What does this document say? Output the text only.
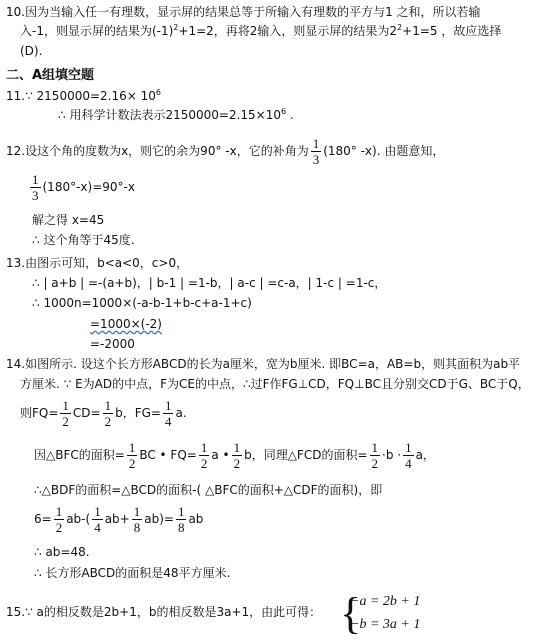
10.因为当输入任一有理数，显示屏的结果总等于所输入有理数的平方与1 之和，所以若输
入-1，则显示屏的结果为$(-1)^2+1=2$，再将2输入，则显示屏的结果为$2^2+1=5$ ，故应选择
(D).
二、A组填空题
11.∵ $2150000=2.16\times 10^6$
∴ 用科学计数法表示$2150000=2.15\times 10^6$ .
12.设这个角的度数为x，则它的余为90° -x，它的补角为 $\frac{1}{3} (180^\circ$ -x). 由题意知，
$\frac{1}{3} (180^\circ-x)=90^\circ-x$
解之得 x=45
∴ 这个角等于45度.
13.由图示可知，b<a<0，c>0，
∴ | a+b | =-(a+b)，| b-1 | =1-b，| a-c | =c-a，| 1-c | =1-c，
∴ 1000n=1000×(-a-b-1+b-c+a-1+c)
=1000×(-2)
=-2000
14.如图所示. 设这个长方形ABCD的长为a厘米，宽为b厘米. 即BC=a，AB=b，则其面积为ab平
方厘米. ∵ E为AD的中点，F为CE的中点，∴过F作FG⊥CD，FQ⊥BC且分别交CD于G、BC于Q，
则$FQ= \frac{1}{2} CD= \frac{1}{2}$ b，$FG= \frac{1}{4} a$.
因△BFC的面积= $\frac{1}{2}$ BC • $FQ= \frac{1}{2}$ a • $\frac{1}{2}$ b，同理△FCD的面积= $\frac{1}{2} \cdot b \cdot \frac{1}{4}$ a，
∴△BDF的面积=△BCD的面积-( △BFC的面积+△CDF的面积)，即
$6= \frac{1}{2} ab-( \frac{1}{4} ab+ \frac{1}{8} ab)= \frac{1}{8}$ ab
∴ ab=48.
∴ 长方形ABCD的面积是48平方厘米.
15.∵ a的相反数是2b+1，b的相反数是3a+1，由此可得： {
−a = 2b + 1
−b = 3a + 1
